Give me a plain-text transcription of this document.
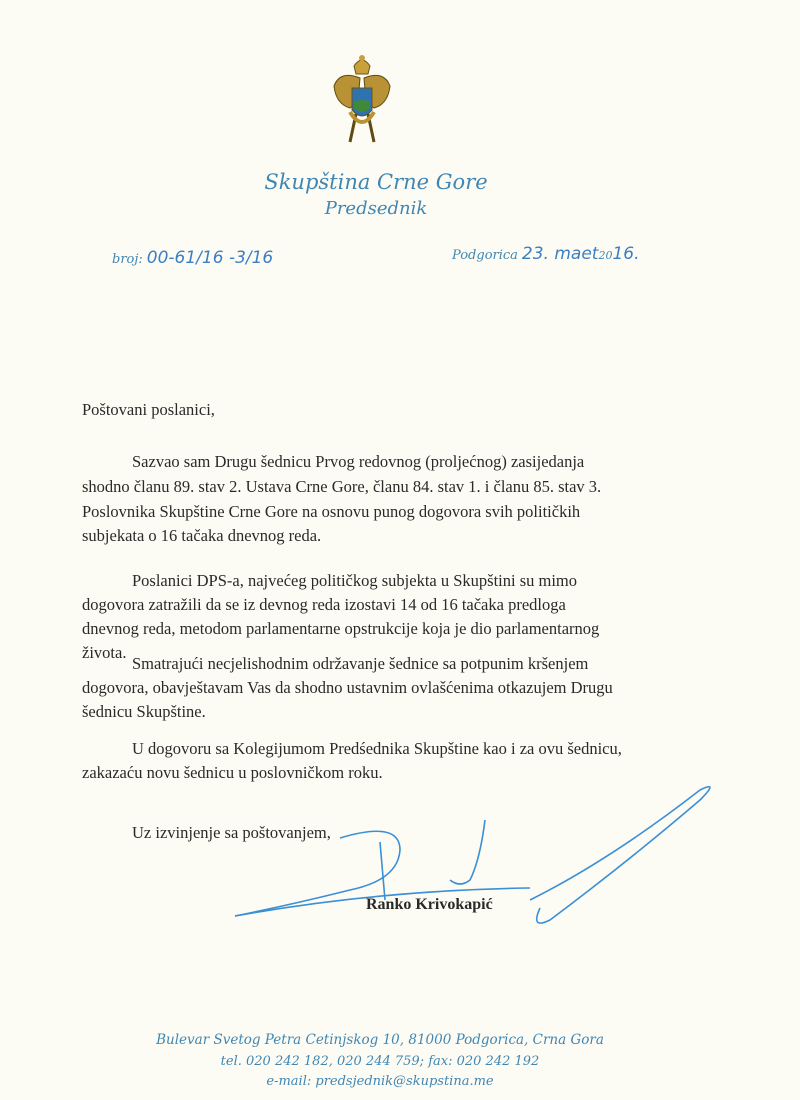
Skupština Crne Gore
Predsednik
broj: 00-61/16 -3/16	Podgorica 23. maet2016.
Poštovani poslanici,
Sazvao sam Drugu šednicu Prvog redovnog (proljećnog) zasijedanja
shodno članu 89. stav 2. Ustava Crne Gore, članu 84. stav 1. i članu 85. stav 3.
Poslovnika Skupštine Crne Gore na osnovu punog dogovora svih političkih
subjekata o 16 tačaka dnevnog reda.
Poslanici DPS-a, najvećeg političkog subjekta u Skupštini su mimo
dogovora zatražili da se iz devnog reda izostavi 14 od 16 tačaka predloga
dnevnog reda, metodom parlamentarne opstrukcije koja je dio parlamentarnog
života.
Smatrajući necjelishodnim održavanje šednice sa potpunim kršenjem
dogovora, obavještavam Vas da shodno ustavnim ovlašćenima otkazujem Drugu
šednicu Skupštine.
U dogovoru sa Kolegijumom Predśednika Skupštine kao i za ovu šednicu,
zakazaću novu šednicu u poslovničkom roku.
Uz izvinjenje sa poštovanjem,
Ranko Krivokapić
Bulevar Svetog Petra Cetinjskog 10, 81000 Podgorica, Crna Gora
tel. 020 242 182, 020 244 759; fax: 020 242 192
e-mail: predsjednik@skupstina.me
